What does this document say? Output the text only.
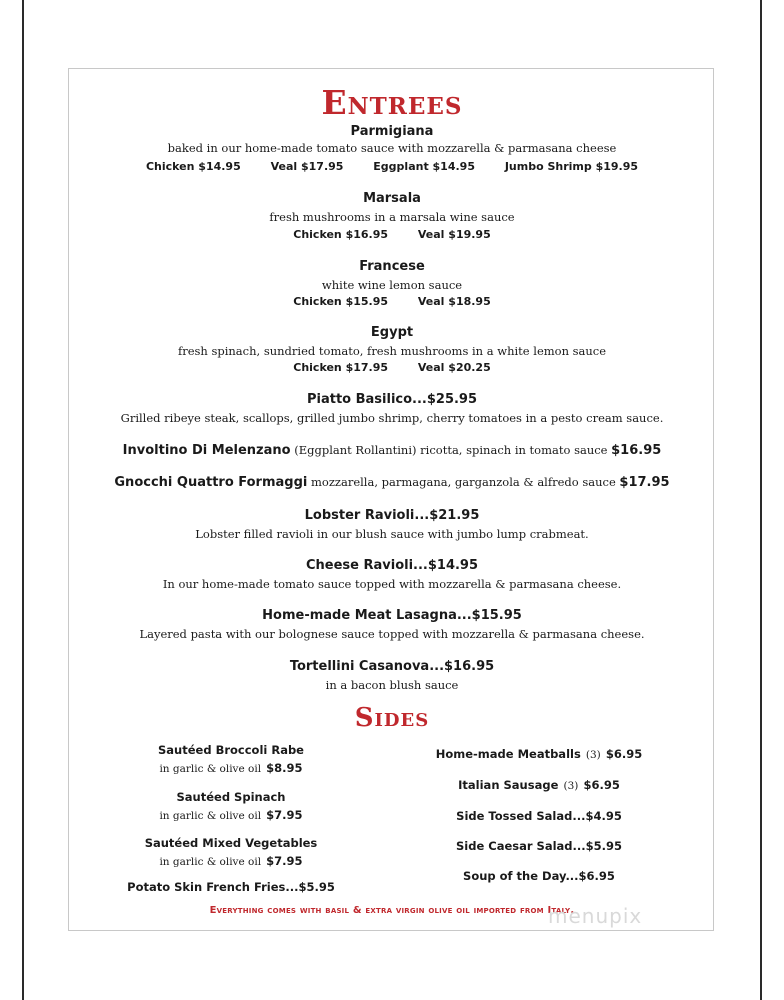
Entrees
Parmigiana
baked in our home-made tomato sauce with mozzarella & parmasana cheese
Chicken $14.95	Veal $17.95	Eggplant $14.95	Jumbo Shrimp $19.95
Marsala
fresh mushrooms in a marsala wine sauce
Chicken $16.95	Veal $19.95
Francese
white wine lemon sauce
Chicken $15.95	Veal $18.95
Egypt
fresh spinach, sundried tomato, fresh mushrooms in a white lemon sauce
Chicken $17.95	Veal $20.25
Piatto Basilico...$25.95
Grilled ribeye steak, scallops, grilled jumbo shrimp, cherry tomatoes in a pesto cream sauce.
Involtino Di Melenzano (Eggplant Rollantini) ricotta, spinach in tomato sauce $16.95
Gnocchi Quattro Formaggi mozzarella, parmagana, garganzola & alfredo sauce $17.95
Lobster Ravioli...$21.95
Lobster filled ravioli in our blush sauce with jumbo lump crabmeat.
Cheese Ravioli...$14.95
In our home-made tomato sauce topped with mozzarella & parmasana cheese.
Home-made Meat Lasagna...$15.95
Layered pasta with our bolognese sauce topped with mozzarella & parmasana cheese.
Tortellini Casanova...$16.95
in a bacon blush sauce
Sides
Sautéed Broccoli Rabe
in garlic & olive oil $8.95
Sautéed Spinach
in garlic & olive oil $7.95
Sautéed Mixed Vegetables
in garlic & olive oil $7.95
Potato Skin French Fries...$5.95
Home-made Meatballs (3) $6.95
Italian Sausage (3) $6.95
Side Tossed Salad...$4.95
Side Caesar Salad...$5.95
Soup of the Day...$6.95
Everything comes with basil & extra virgin olive oil imported from Italy.
menupix
